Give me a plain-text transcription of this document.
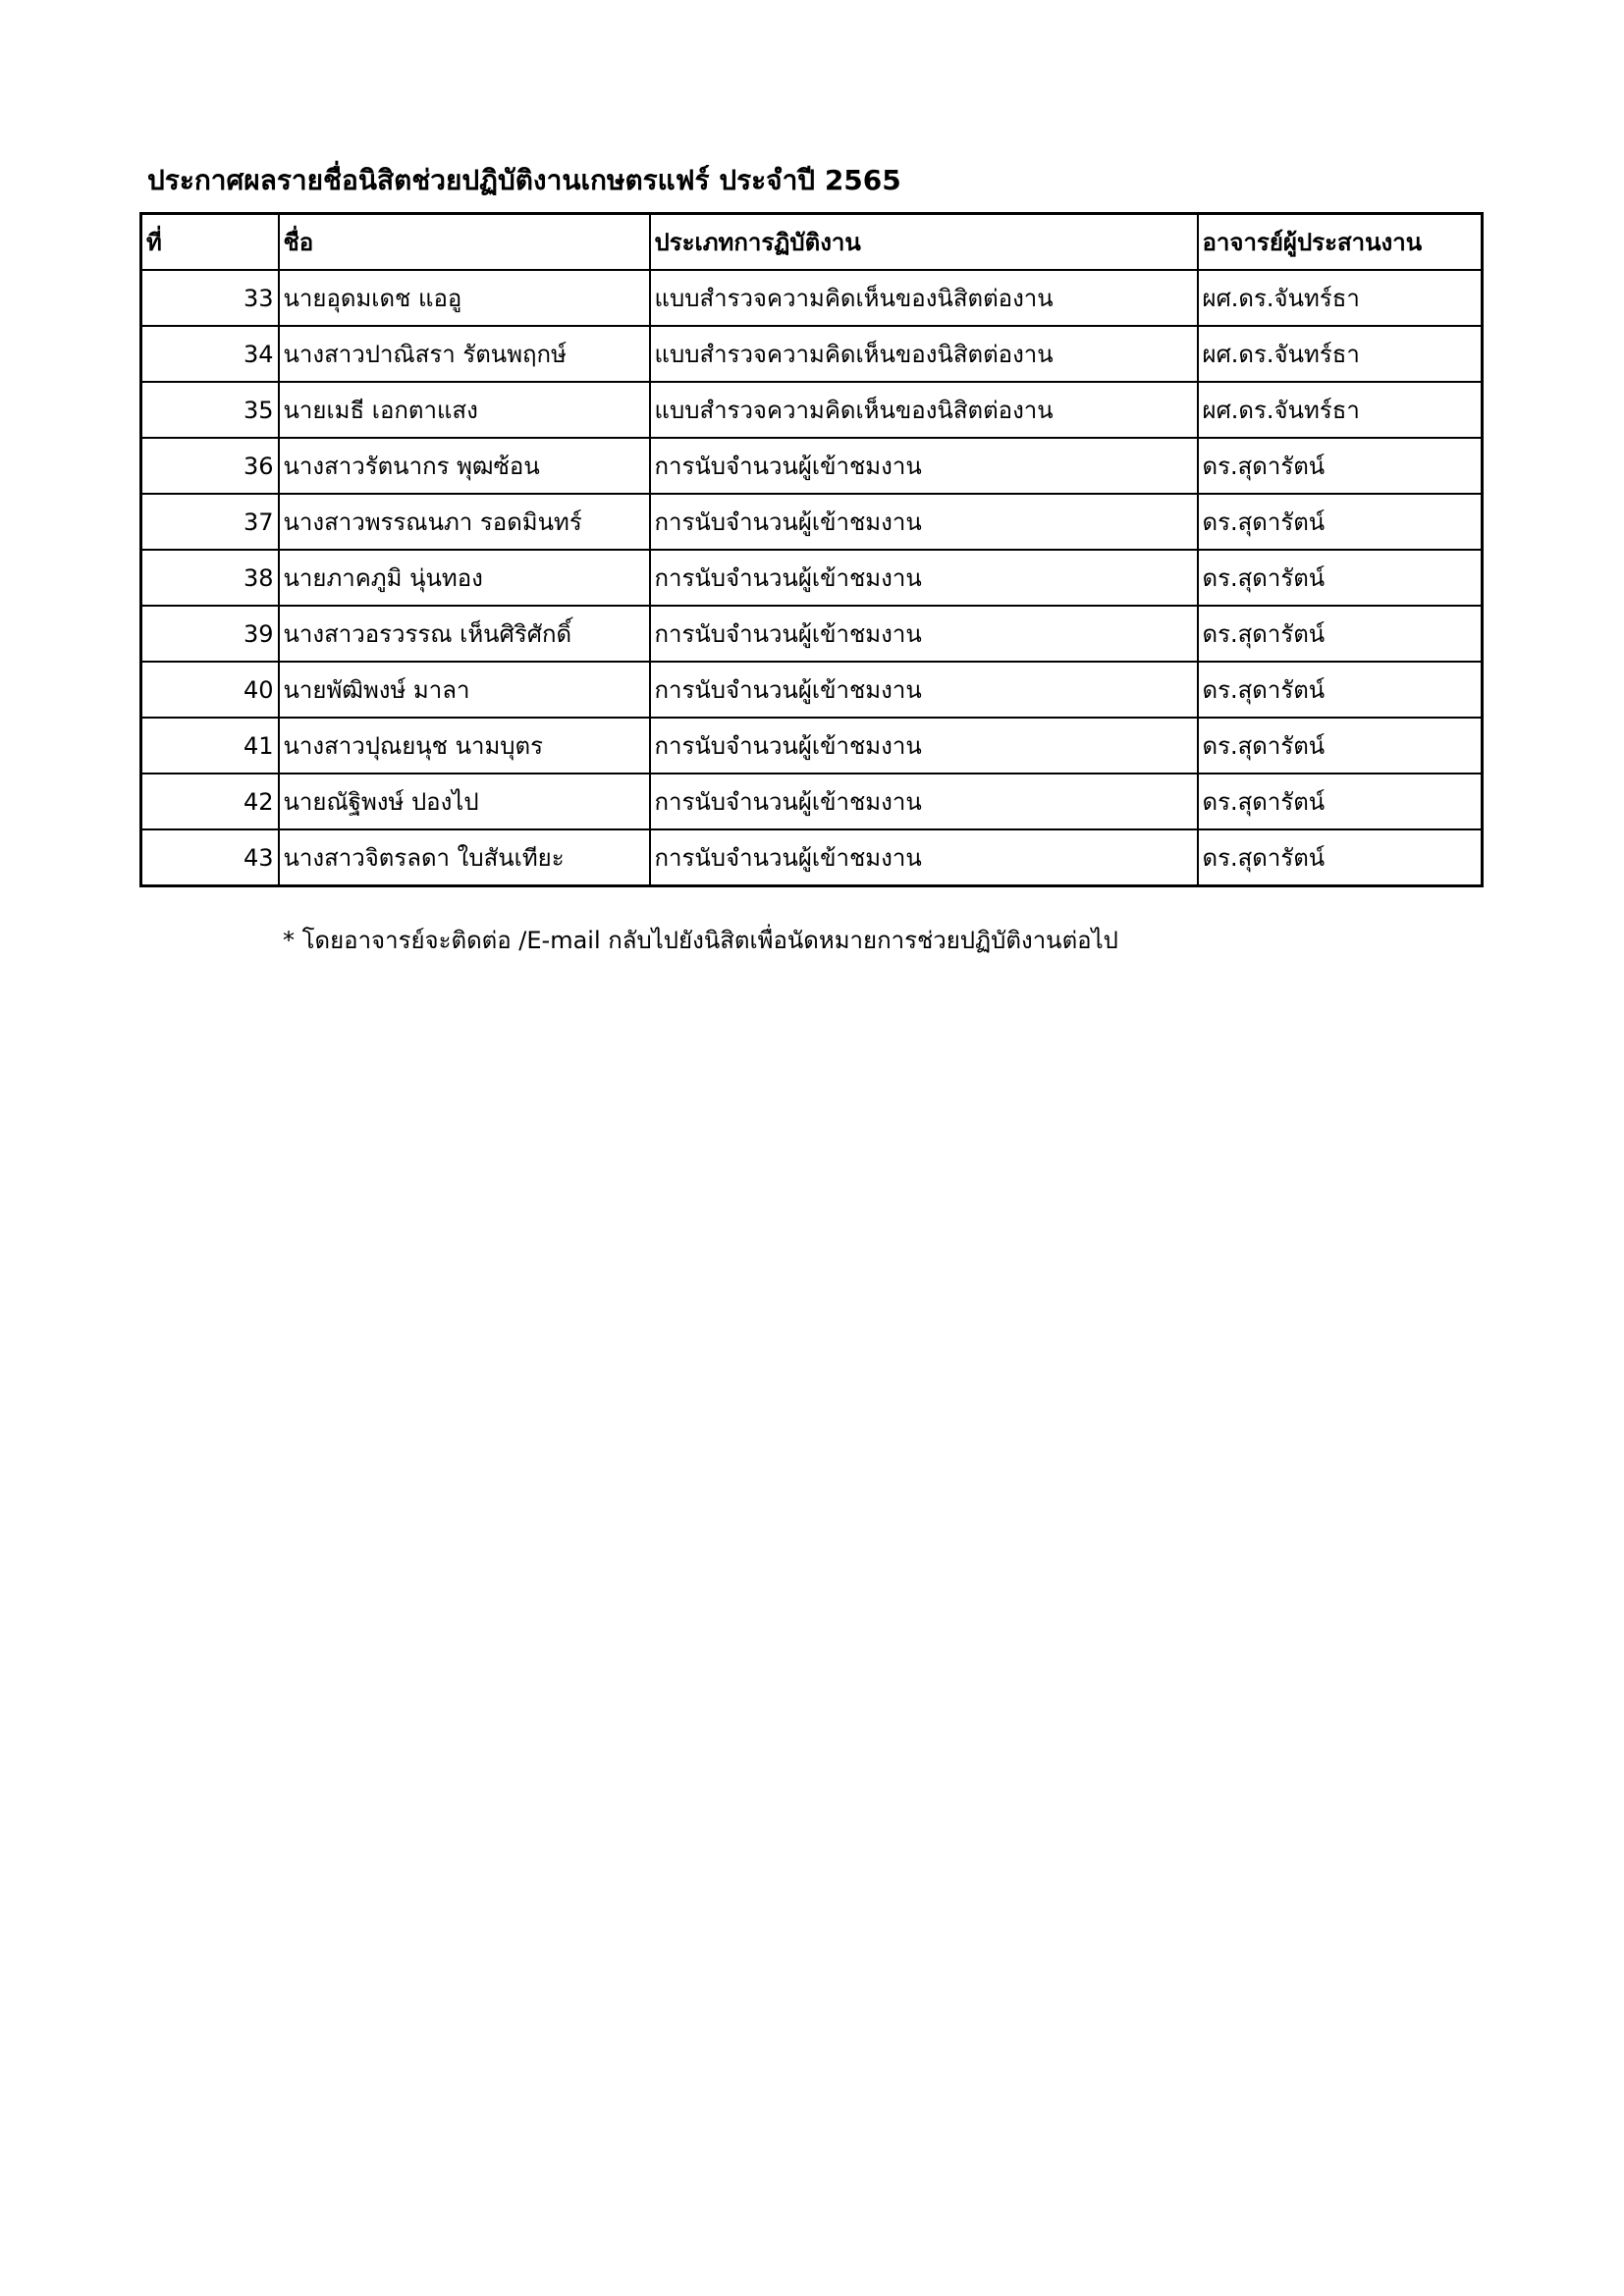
ประกาศผลรายชื่อนิสิตช่วยปฏิบัติงานเกษตรแฟร์ ประจำปี 2565
ที่	ชื่อ	ประเภทการฏิบัติงาน	อาจารย์ผู้ประสานงาน
33	นายอุดมเดช แออู	แบบสำรวจความคิดเห็นของนิสิตต่องาน	ผศ.ดร.จันทร์ธา
34	นางสาวปาณิสรา รัตนพฤกษ์	แบบสำรวจความคิดเห็นของนิสิตต่องาน	ผศ.ดร.จันทร์ธา
35	นายเมธี เอกตาแสง	แบบสำรวจความคิดเห็นของนิสิตต่องาน	ผศ.ดร.จันทร์ธา
36	นางสาวรัตนากร พุฒซ้อน	การนับจำนวนผู้เข้าชมงาน	ดร.สุดารัตน์
37	นางสาวพรรณนภา รอดมินทร์	การนับจำนวนผู้เข้าชมงาน	ดร.สุดารัตน์
38	นายภาคภูมิ นุ่นทอง	การนับจำนวนผู้เข้าชมงาน	ดร.สุดารัตน์
39	นางสาวอรวรรณ เห็นศิริศักดิ์	การนับจำนวนผู้เข้าชมงาน	ดร.สุดารัตน์
40	นายพัฒิพงษ์ มาลา	การนับจำนวนผู้เข้าชมงาน	ดร.สุดารัตน์
41	นางสาวปุณยนุช นามบุตร	การนับจำนวนผู้เข้าชมงาน	ดร.สุดารัตน์
42	นายณัฐิพงษ์ ปองไป	การนับจำนวนผู้เข้าชมงาน	ดร.สุดารัตน์
43	นางสาวจิตรลดา ใบสันเทียะ	การนับจำนวนผู้เข้าชมงาน	ดร.สุดารัตน์
* โดยอาจารย์จะติดต่อ /E-mail กลับไปยังนิสิตเพื่อนัดหมายการช่วยปฏิบัติงานต่อไป
